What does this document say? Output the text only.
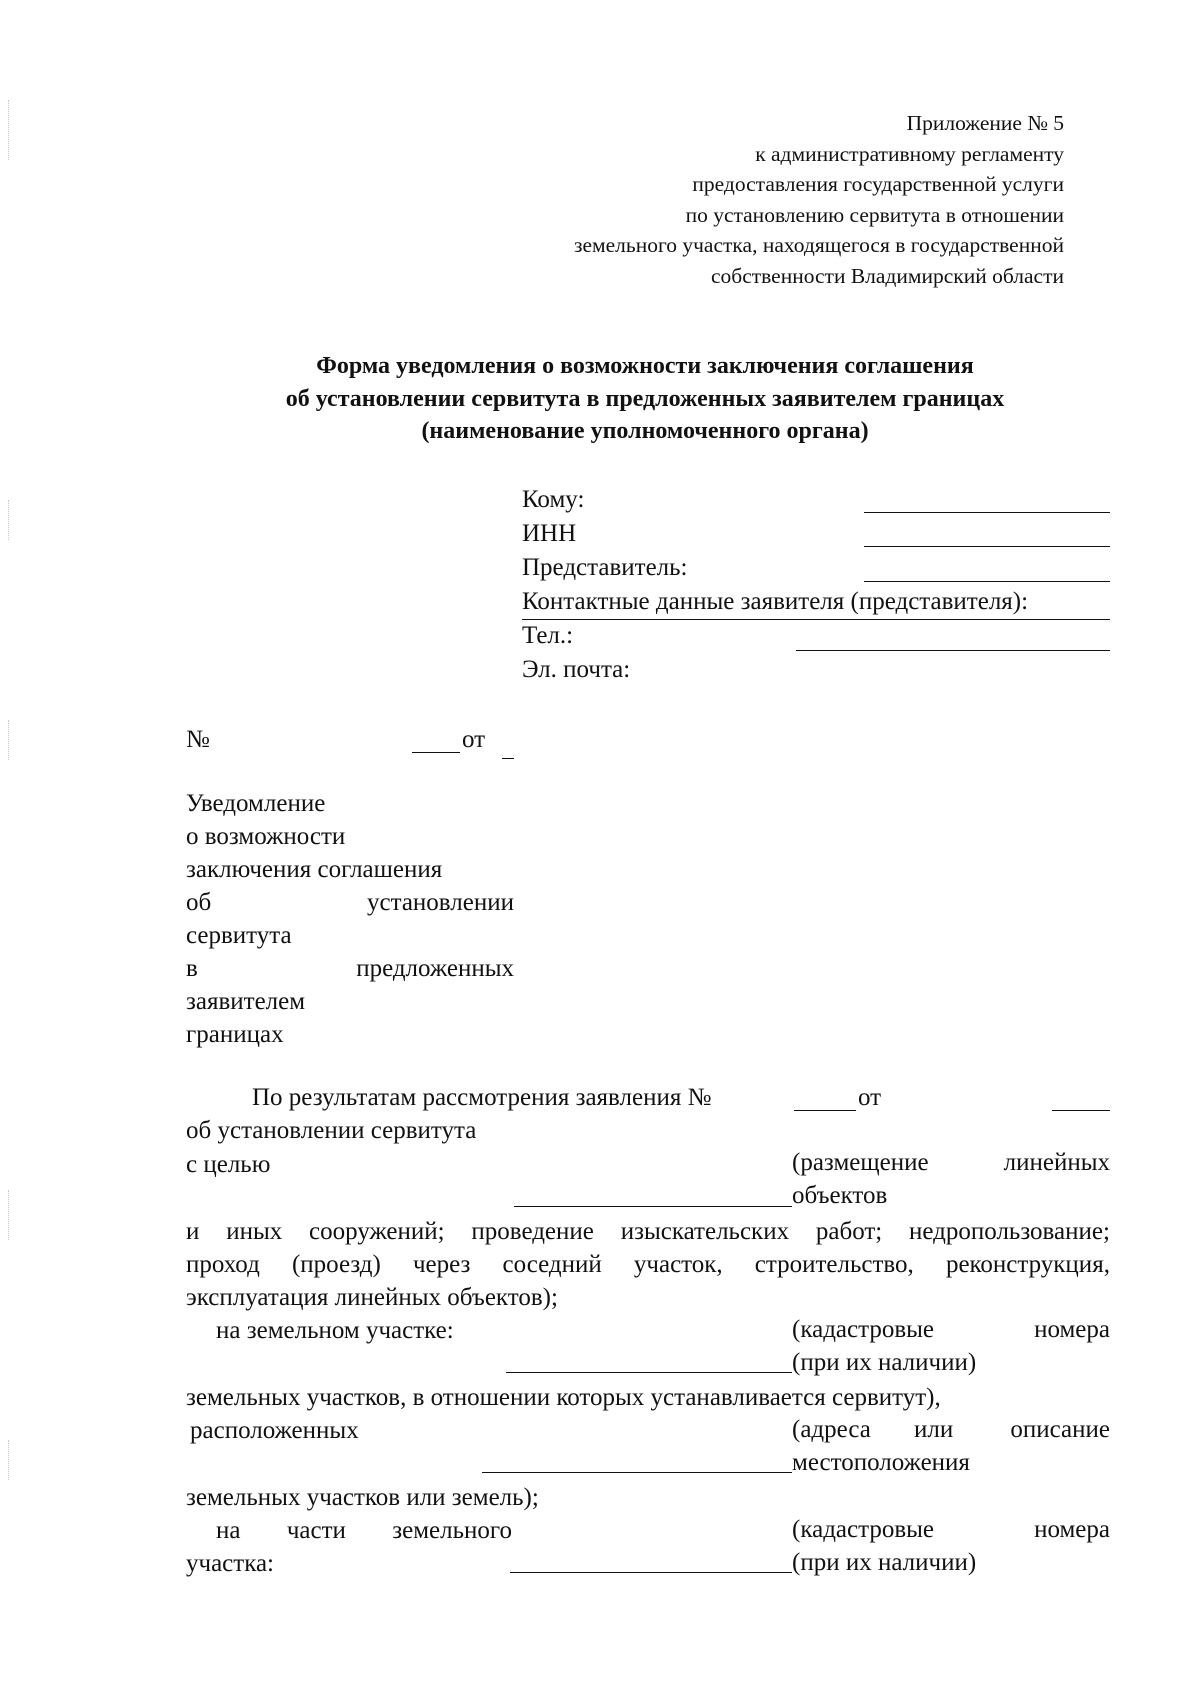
Приложение № 5
к административному регламенту
предоставления государственной услуги
по установлению сервитута в отношении
земельного участка, находящегося в государственной
собственности Владимирский области
Форма уведомления о возможности заключения соглашения
об установлении сервитута в предложенных заявителем границах
(наименование уполномоченного органа)
Кому:
ИНН
Представитель:
Контактные данные заявителя (представителя):
Тел.:
Эл. почта:
№	от
Уведомление
о возможности
заключения соглашения
об	установлении
сервитута
в	предложенных
заявителем
границах
По результатам рассмотрения заявления №	от
об установлении сервитута
с целью	(размещение	линейных
объектов
и иных сооружений; проведение изыскательских работ; недропользование;
проход (проезд) через соседний участок, строительство, реконструкция,
эксплуатация линейных объектов);
на земельном участке:	(кадастровые	номера
(при их наличии)
земельных участков, в отношении которых устанавливается сервитут),
расположенных	(адреса или описание
местоположения
земельных участков или земель);
на части земельного
участка:
(кадастровые	номера
(при их наличии)
